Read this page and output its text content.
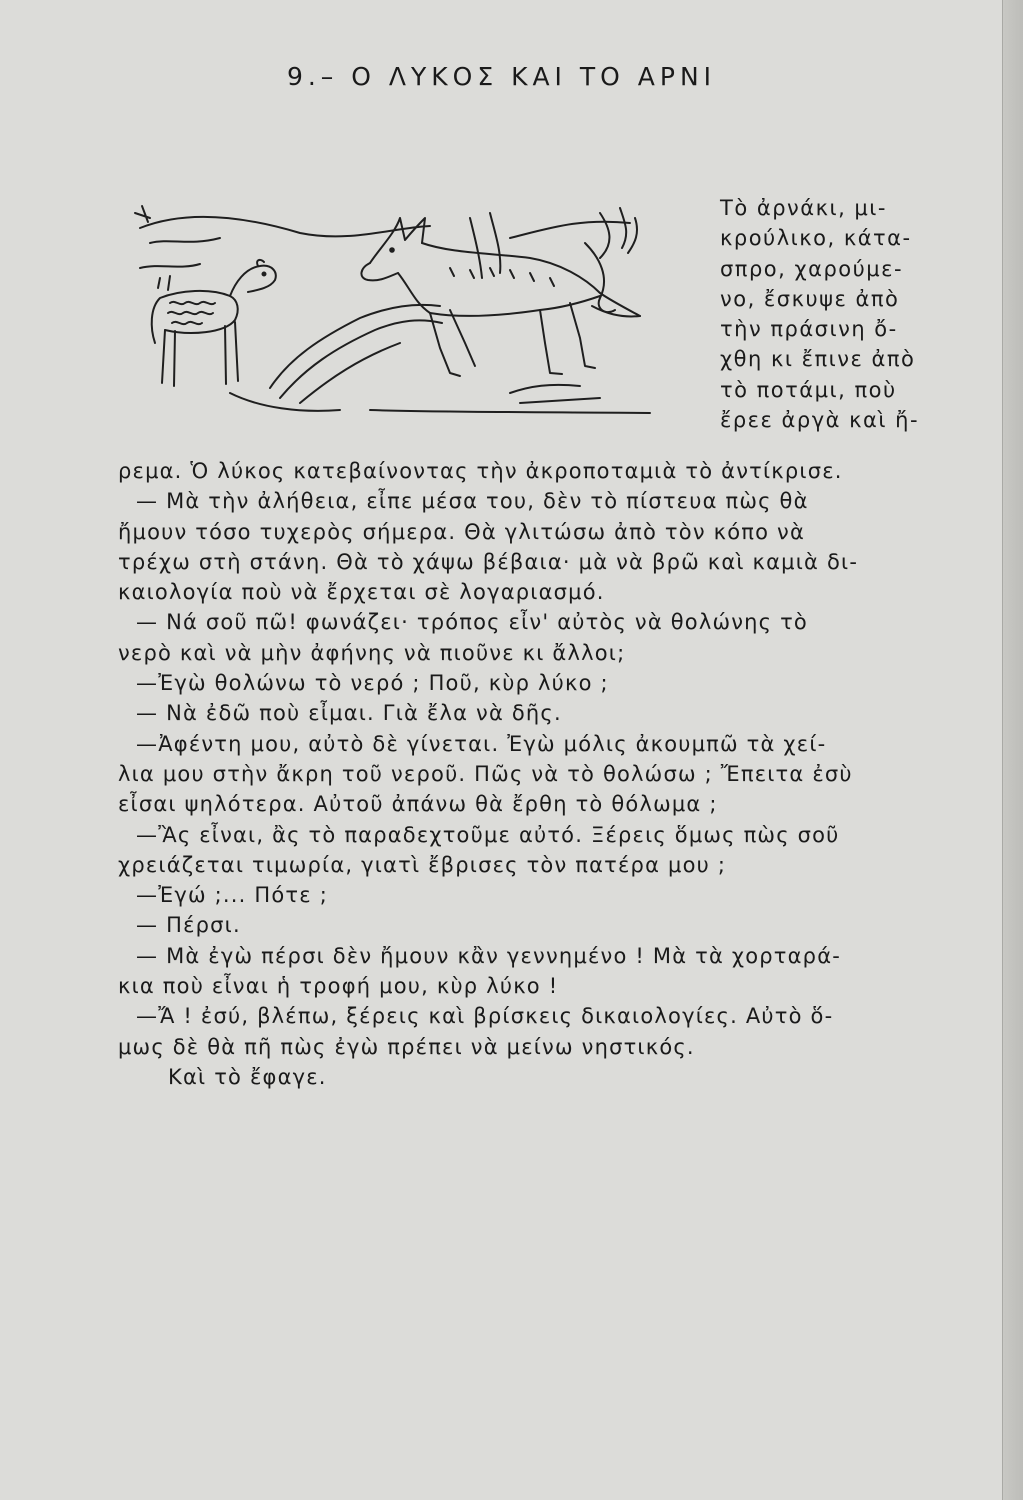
9.– Ο ΛΥΚΟΣ ΚΑΙ ΤΟ ΑΡΝΙ
Τὸ ἀρνάκι, μι-
κρούλικο, κάτα-
σπρο, χαρούμε-
νο, ἔσκυψε ἀπὸ
τὴν πράσινη ὄ-
χθη κι ἔπινε ἀπὸ
τὸ ποτάμι, ποὺ
ἔρεε ἀργὰ καὶ ἤ-
ρεμα. Ὁ λύκος κατεβαίνοντας τὴν ἀκροποταμιὰ τὸ ἀντίκρισε.
— Μὰ τὴν ἀλήθεια, εἶπε μέσα του, δὲν τὸ πίστευα πὼς θὰ
ἤμουν τόσο τυχερὸς σήμερα. Θὰ γλιτώσω ἀπὸ τὸν κόπο νὰ
τρέχω στὴ στάνη. Θὰ τὸ χάψω βέβαια· μὰ νὰ βρῶ καὶ καμιὰ δι-
καιολογία ποὺ νὰ ἔρχεται σὲ λογαριασμό.
— Νά σοῦ πῶ! φωνάζει· τρόπος εἶν' αὐτὸς νὰ θολώνης τὸ
νερὸ καὶ νὰ μὴν ἀφήνης νὰ πιοῦνε κι ἄλλοι;
—Ἐγὼ θολώνω τὸ νερό ; Ποῦ, κὺρ λύκο ;
— Νὰ ἐδῶ ποὺ εἶμαι. Γιὰ ἔλα νὰ δῆς.
—Ἀφέντη μου, αὐτὸ δὲ γίνεται. Ἐγὼ μόλις ἀκουμπῶ τὰ χεί-
λια μου στὴν ἄκρη τοῦ νεροῦ. Πῶς νὰ τὸ θολώσω ; Ἔπειτα ἐσὺ
εἶσαι ψηλότερα. Αὐτοῦ ἀπάνω θὰ ἔρθη τὸ θόλωμα ;
—Ἂς εἶναι, ἂς τὸ παραδεχτοῦμε αὐτό. Ξέρεις ὅμως πὼς σοῦ
χρειάζεται τιμωρία, γιατὶ ἔβρισες τὸν πατέρα μου ;
—Ἐγώ ;... Πότε ;
— Πέρσι.
— Μὰ ἐγὼ πέρσι δὲν ἤμουν κἂν γεννημένο ! Μὰ τὰ χορταρά-
κια ποὺ εἶναι ἡ τροφή μου, κὺρ λύκο !
—Ἄ ! ἐσύ, βλέπω, ξέρεις καὶ βρίσκεις δικαιολογίες. Αὐτὸ ὅ-
μως δὲ θὰ πῆ πὼς ἐγὼ πρέπει νὰ μείνω νηστικός.
Καὶ τὸ ἔφαγε.
